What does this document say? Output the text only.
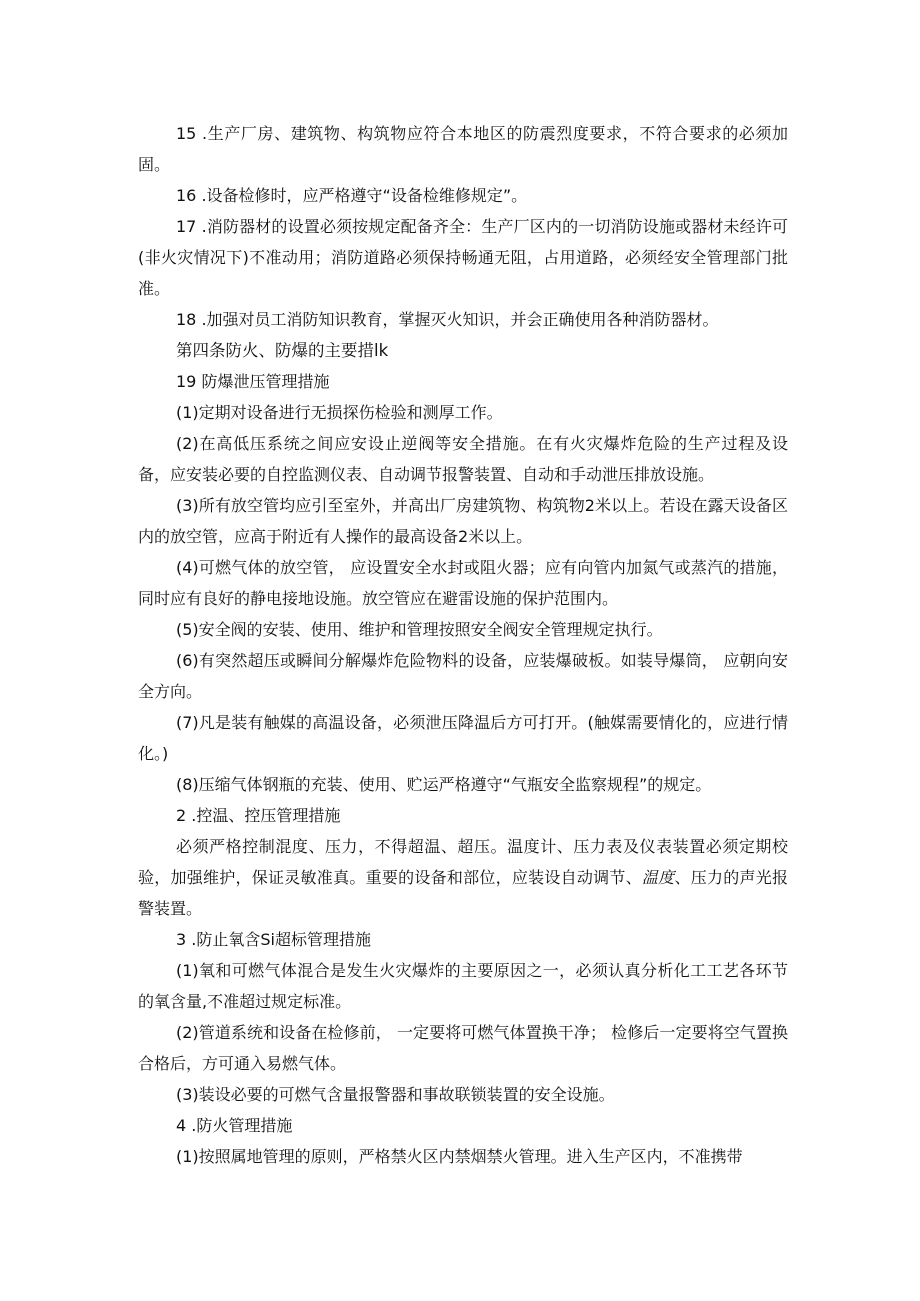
15 .生产厂房、建筑物、构筑物应符合本地区的防震烈度要求，不符合要求的必须加固。

16 .设备检修时，应严格遵守“设备检维修规定”。

17 .消防器材的设置必须按规定配备齐全：生产厂区内的一切消防设施或器材未经许可(非火灾情况下)不准动用；消防道路必须保持畅通无阻，占用道路，必须经安全管理部门批准。

18 .加强对员工消防知识教育，掌握灭火知识，并会正确使用各种消防器材。

第四条防火、防爆的主要措lk

19 防爆泄压管理措施

(1)定期对设备进行无损探伤检验和测厚工作。

(2)在高低压系统之间应安设止逆阀等安全措施。在有火灾爆炸危险的生产过程及设备，应安装必要的自控监测仪表、自动调节报警装置、自动和手动泄压排放设施。

(3)所有放空管均应引至室外，并高出厂房建筑物、构筑物2米以上。若设在露天设备区内的放空管，应高于附近有人操作的最高设备2米以上。

(4)可燃气体的放空管， 应设置安全水封或阻火器；应有向管内加氮气或蒸汽的措施，同时应有良好的静电接地设施。放空管应在避雷设施的保护范围内。

(5)安全阀的安装、使用、维护和管理按照安全阀安全管理规定执行。

(6)有突然超压或瞬间分解爆炸危险物料的设备，应装爆破板。如装导爆筒， 应朝向安全方向。

(7)凡是装有触媒的高温设备，必须泄压降温后方可打开。(触媒需要情化的，应进行情化。)

(8)压缩气体钢瓶的充装、使用、贮运严格遵守“气瓶安全监察规程”的规定。

2 .控温、控压管理措施

必须严格控制混度、压力，不得超温、超压。温度计、压力表及仪表装置必须定期校验，加强维护，保证灵敏准真。重要的设备和部位，应装设自动调节、温度、压力的声光报警装置。

3 .防止氧含Si超标管理措施

(1)氧和可燃气体混合是发生火灾爆炸的主要原因之一，必须认真分析化工工艺各环节的氧含量,不准超过规定标准。

(2)管道系统和设备在检修前， 一定要将可燃气体置换干净； 检修后一定要将空气置换合格后，方可通入易燃气体。

(3)装设必要的可燃气含量报警器和事故联锁装置的安全设施。

4 .防火管理措施

(1)按照属地管理的原则，严格禁火区内禁烟禁火管理。进入生产区内，不准携带
